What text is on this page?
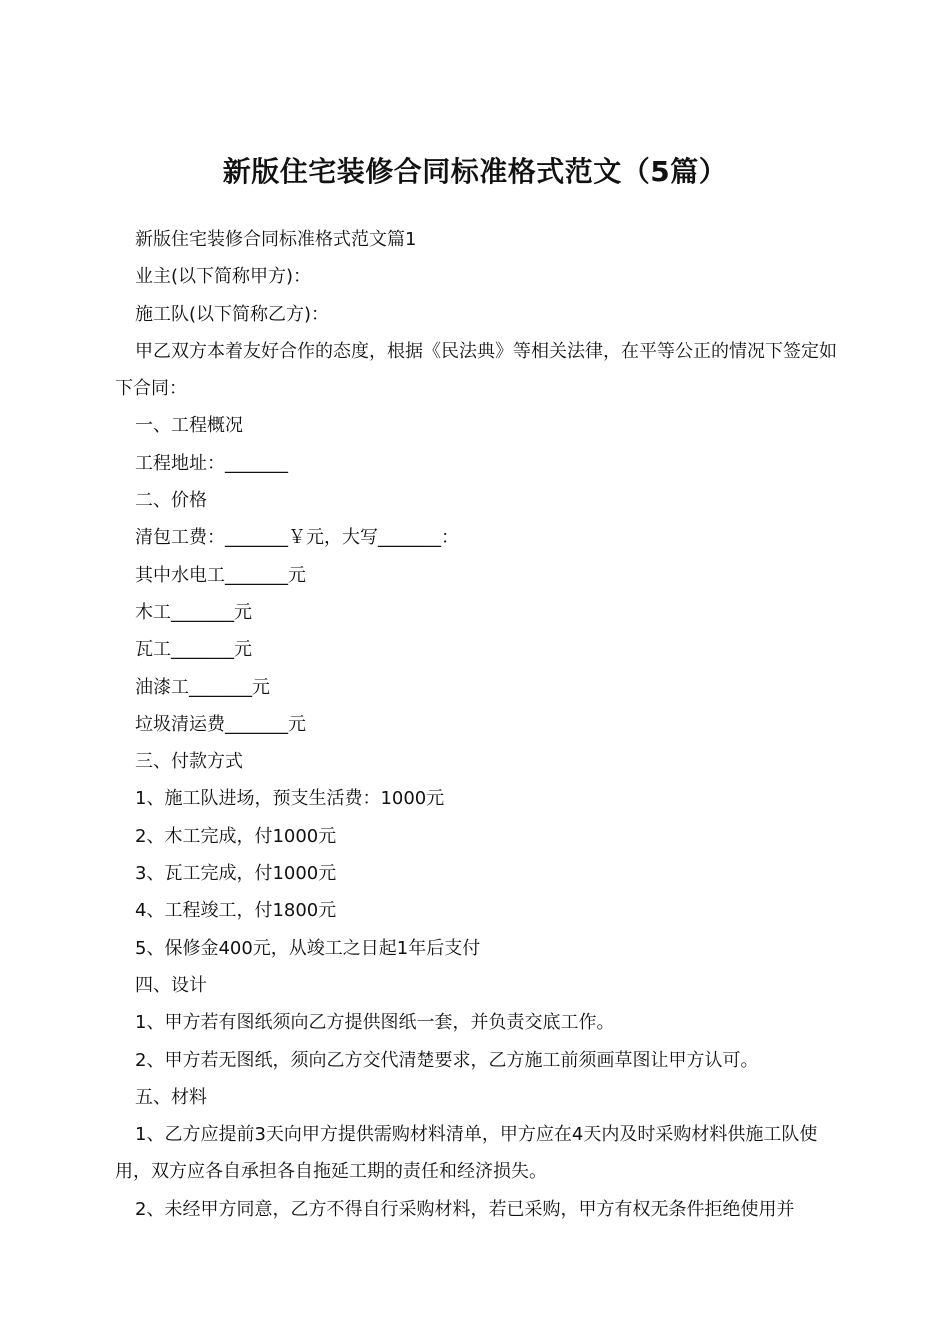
新版住宅装修合同标准格式范文（5篇）

新版住宅装修合同标准格式范文篇1

业主(以下简称甲方)：

施工队(以下简称乙方)：

甲乙双方本着友好合作的态度，根据《民法典》等相关法律，在平等公正的情况下签定如下合同：

一、工程概况

工程地址：_______

二、价格

清包工费：_______￥元，大写_______：

其中水电工_______元

木工_______元

瓦工_______元

油漆工_______元

垃圾清运费_______元

三、付款方式

1、施工队进场，预支生活费：1000元

2、木工完成，付1000元

3、瓦工完成，付1000元

4、工程竣工，付1800元

5、保修金400元，从竣工之日起1年后支付

四、设计

1、甲方若有图纸须向乙方提供图纸一套，并负责交底工作。

2、甲方若无图纸，须向乙方交代清楚要求，乙方施工前须画草图让甲方认可。

五、材料

1、乙方应提前3天向甲方提供需购材料清单，甲方应在4天内及时采购材料供施工队使用，双方应各自承担各自拖延工期的责任和经济损失。

2、未经甲方同意，乙方不得自行采购材料，若已采购，甲方有权无条件拒绝使用并
